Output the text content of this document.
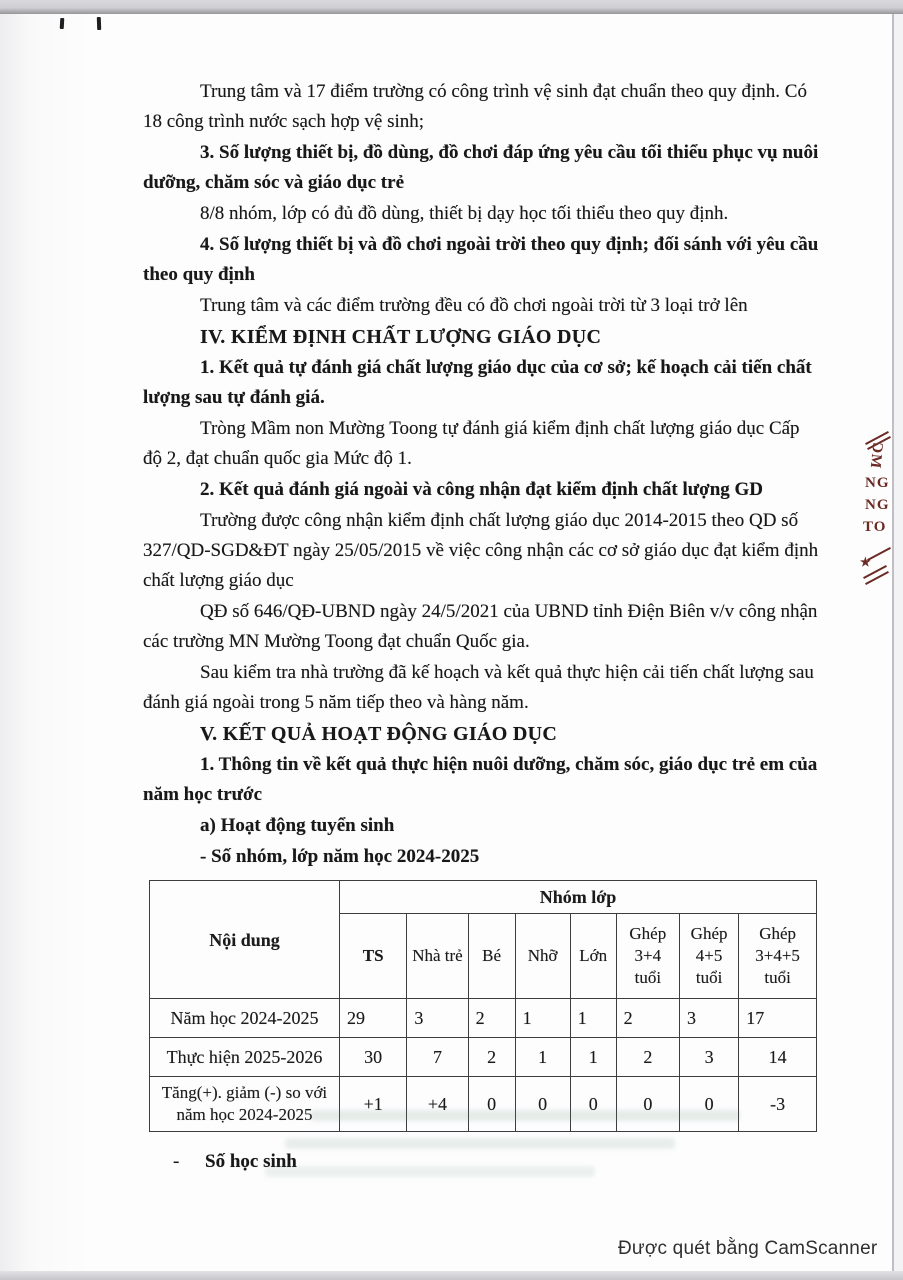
Trung tâm và 17 điểm trường có công trình vệ sinh đạt chuẩn theo quy định. Có 18 công trình nước sạch hợp vệ sinh;

3. Số lượng thiết bị, đồ dùng, đồ chơi đáp ứng yêu cầu tối thiểu phục vụ nuôi dưỡng, chăm sóc và giáo dục trẻ

8/8 nhóm, lớp có đủ đồ dùng, thiết bị dạy học tối thiểu theo quy định.

4. Số lượng thiết bị và đồ chơi ngoài trời theo quy định; đối sánh với yêu cầu theo quy định

Trung tâm và các điểm trường đều có đồ chơi ngoài trời từ 3 loại trở lên

IV. KIỂM ĐỊNH CHẤT LƯỢNG GIÁO DỤC

1. Kết quả tự đánh giá chất lượng giáo dục của cơ sở; kế hoạch cải tiến chất lượng sau tự đánh giá.

Tròng Mầm non Mường Toong tự đánh giá kiểm định chất lượng giáo dục Cấp độ 2, đạt chuẩn quốc gia Mức độ 1.

2. Kết quả đánh giá ngoài và công nhận đạt kiểm định chất lượng GD

Trường được công nhận kiểm định chất lượng giáo dục 2014-2015 theo QD số 327/QD-SGD&ĐT ngày 25/05/2015 về việc công nhận các cơ sở giáo dục đạt kiểm định chất lượng giáo dục

QĐ số 646/QĐ-UBND ngày 24/5/2021 của UBND tỉnh Điện Biên v/v công nhận các trường MN Mường Toong đạt chuẩn Quốc gia.

Sau kiểm tra nhà trường đã kế hoạch và kết quả thực hiện cải tiến chất lượng sau đánh giá ngoài trong 5 năm tiếp theo và hàng năm.

V. KẾT QUẢ HOẠT ĐỘNG GIÁO DỤC

1. Thông tin về kết quả thực hiện nuôi dưỡng, chăm sóc, giáo dục trẻ em của năm học trước

a) Hoạt động tuyển sinh

- Số nhóm, lớp năm học 2024-2025

Nội dung	Nhóm lớp							
	TS	Nhà trẻ	Bé	Nhỡ	Lớn	Ghép 3+4 tuổi	Ghép 4+5 tuổi	Ghép 3+4+5 tuổi
Năm học 2024-2025	29	3	2	1	1	2	3	17
Thực hiện 2025-2026	30	7	2	1	1	2	3	14
Tăng(+). giảm (-) so với năm học 2024-2025	+1	+4	0	0	0	0	0	-3

- Số học sinh

ƆM
NG
NG
TO
★
Được quét bằng CamScanner
